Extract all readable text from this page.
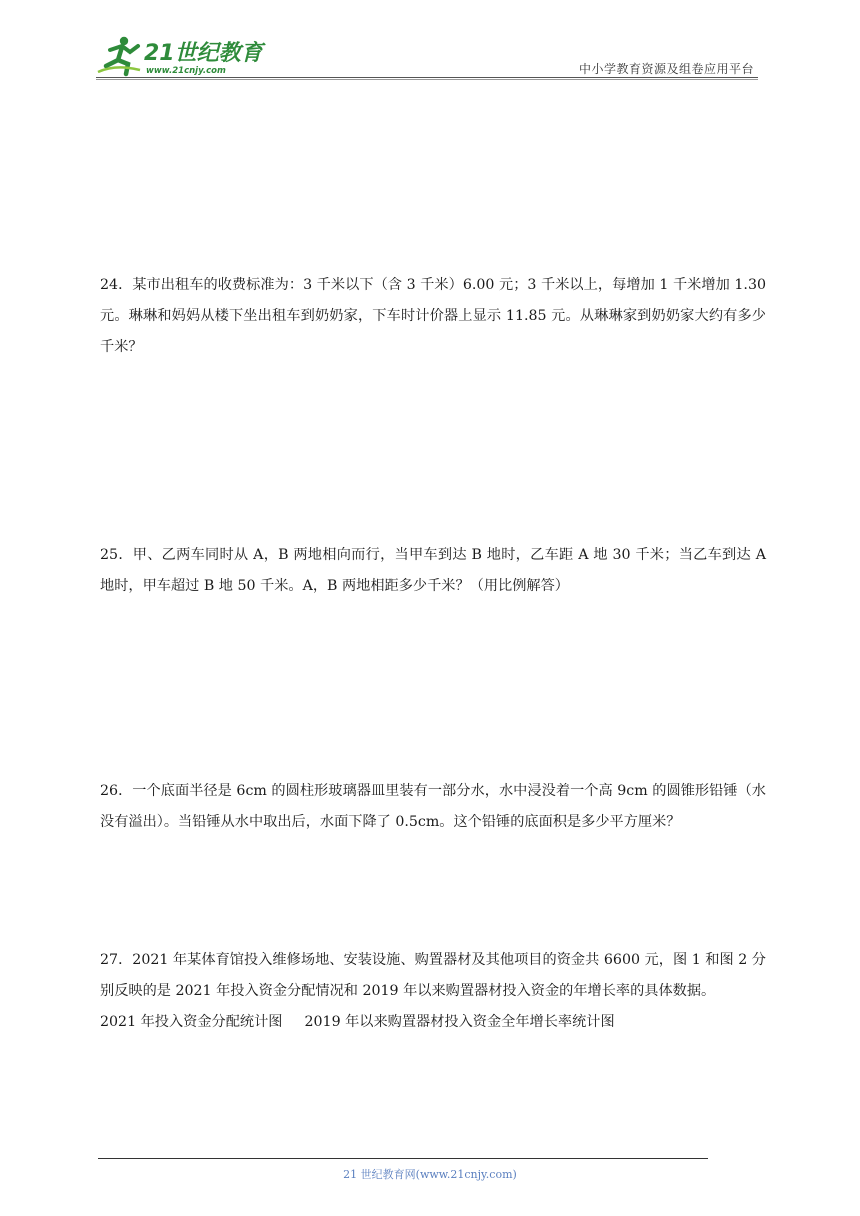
21世纪教育
www.21cnjy.com	中小学教育资源及组卷应用平台

24．某市出租车的收费标准为：3 千米以下（含 3 千米）6.00 元；3 千米以上，每增加 1 千米增加 1.30 元。琳琳和妈妈从楼下坐出租车到奶奶家，下车时计价器上显示 11.85 元。从琳琳家到奶奶家大约有多少千米？

25．甲、乙两车同时从 A，B 两地相向而行，当甲车到达 B 地时，乙车距 A 地 30 千米；当乙车到达 A 地时，甲车超过 B 地 50 千米。A，B 两地相距多少千米？（用比例解答）

26．一个底面半径是 6cm 的圆柱形玻璃器皿里装有一部分水，水中浸没着一个高 9cm 的圆锥形铅锤（水没有溢出）。当铅锤从水中取出后，水面下降了 0.5cm。这个铅锤的底面积是多少平方厘米？

27．2021 年某体育馆投入维修场地、安装设施、购置器材及其他项目的资金共 6600 元，图 1 和图 2 分别反映的是 2021 年投入资金分配情况和 2019 年以来购置器材投入资金的年增长率的具体数据。
2021 年投入资金分配统计图 2019 年以来购置器材投入资金全年增长率统计图
21 世纪教育网(www.21cnjy.com)
